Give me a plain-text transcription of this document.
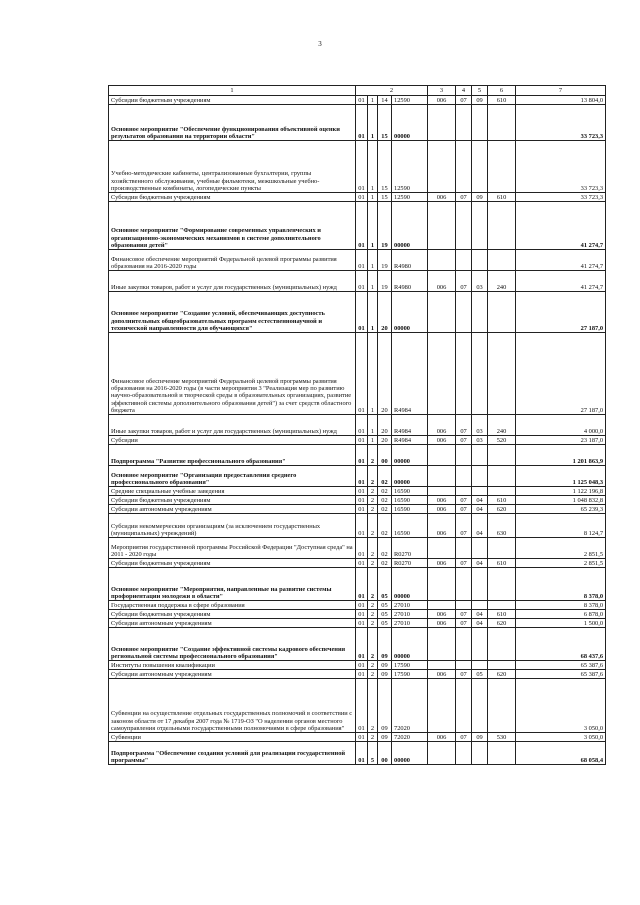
3
1	2				3	4	5	6	7
Субсидии бюджетным учреждениям	01	1	14	12590	006	07	09	610	13 804,0
Основное мероприятие "Обеспечение функционирования объективной оценки результатов образования на территории области"	01	1	15	00000					33 723,3
Учебно-методические кабинеты, централизованные бухгалтерии, группы хозяйственного обслуживания, учебные фильмотеки, межшкольные учебно-производственные комбинаты, логопедические пункты	01	1	15	12590					33 723,3
Субсидии бюджетным учреждениям	01	1	15	12590	006	07	09	610	33 723,3
Основное мероприятие "Формирование современных управленческих и организационно-экономических механизмов в системе дополнительного образования детей"	01	1	19	00000					41 274,7
Финансовое обеспечение мероприятий Федеральной целевой программы развития образования на 2016-2020 годы	01	1	19	R4980					41 274,7
Иные закупки товаров, работ и услуг для государственных (муниципальных) нужд	01	1	19	R4980	006	07	03	240	41 274,7
Основное мероприятие "Создание условий, обеспечивающих доступность дополнительных общеобразовательных программ естественнонаучной и технической направленности для обучающихся"	01	1	20	00000					27 187,0
Финансовое обеспечение мероприятий Федеральной целевой программы развития образования на 2016-2020 годы (в части мероприятия 3 "Реализация мер по развитию научно-образовательной и творческой среды в образовательных организациях, развитие эффективной системы дополнительного образования детей") за счет средств областного бюджета	01	1	20	R4984					27 187,0
Иные закупки товаров, работ и услуг для государственных (муниципальных) нужд	01	1	20	R4984	006	07	03	240	4 000,0
Субсидии	01	1	20	R4984	006	07	03	520	23 187,0
Подпрограмма "Развитие профессионального образования"	01	2	00	00000					1 201 863,9
Основное мероприятие "Организация предоставления среднего профессионального образования"	01	2	02	00000					1 125 048,3
Средние специальные учебные заведения	01	2	02	16590					1 122 196,8
Субсидии бюджетным учреждениям	01	2	02	16590	006	07	04	610	1 048 832,8
Субсидии автономным учреждениям	01	2	02	16590	006	07	04	620	65 239,3
Субсидии некоммерческим организациям (за исключением государственных (муниципальных) учреждений)	01	2	02	16590	006	07	04	630	8 124,7
Мероприятия государственной программы Российской Федерации "Доступная среда" на 2011 - 2020 годы	01	2	02	R0270					2 851,5
Субсидии бюджетным учреждениям	01	2	02	R0270	006	07	04	610	2 851,5
Основное мероприятие "Мероприятия, направленные на развитие системы профориентации молодежи в области"	01	2	05	00000					8 378,0
Государственная поддержка в сфере образования	01	2	05	27010					8 378,0
Субсидии бюджетным учреждениям	01	2	05	27010	006	07	04	610	6 878,0
Субсидии автономным учреждениям	01	2	05	27010	006	07	04	620	1 500,0
Основное мероприятие "Создание эффективной системы кадрового обеспечения региональной системы профессионального образования"	01	2	09	00000					68 437,6
Институты повышения квалификации	01	2	09	17590					65 387,6
Субсидии автономным учреждениям	01	2	09	17590	006	07	05	620	65 387,6
Субвенции на осуществление отдельных государственных полномочий в соответствии с законом области от 17 декабря 2007 года № 1719-ОЗ "О наделении органов местного самоуправления отдельными государственными полномочиями в сфере образования"	01	2	09	72020					3 050,0
Субвенции	01	2	09	72020	006	07	09	530	3 050,0
Подпрограмма "Обеспечение создания условий для реализации государственной программы"	01	5	00	00000					68 058,4
